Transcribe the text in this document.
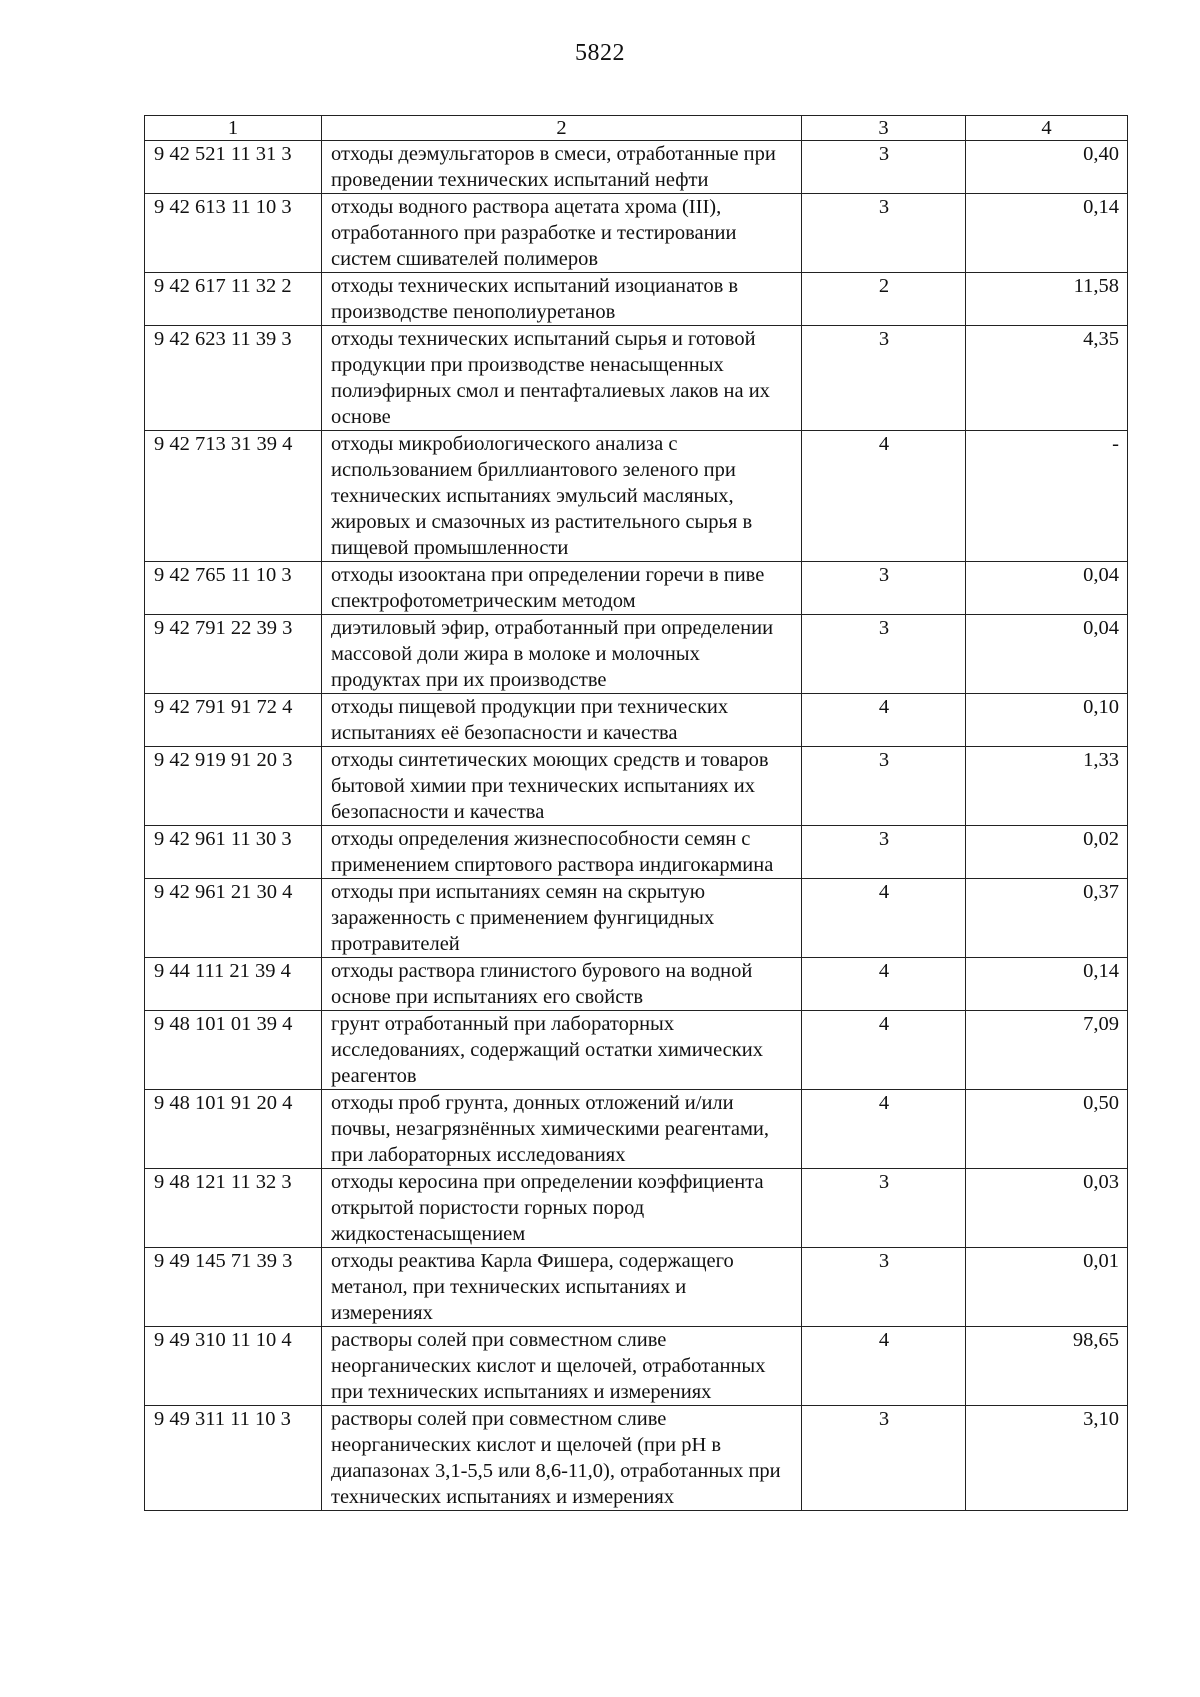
5822
1	2	3	4
9 42 521 11 31 3	отходы деэмульгаторов в смеси, отработанные при проведении технических испытаний нефти	3	0,40
9 42 613 11 10 3	отходы водного раствора ацетата хрома (III), отработанного при разработке и тестировании систем сшивателей полимеров	3	0,14
9 42 617 11 32 2	отходы технических испытаний изоцианатов в производстве пенополиуретанов	2	11,58
9 42 623 11 39 3	отходы технических испытаний сырья и готовой продукции при производстве ненасыщенных полиэфирных смол и пентафталиевых лаков на их основе	3	4,35
9 42 713 31 39 4	отходы микробиологического анализа с использованием бриллиантового зеленого при технических испытаниях эмульсий масляных, жировых и смазочных из растительного сырья в пищевой промышленности	4	-
9 42 765 11 10 3	отходы изооктана при определении горечи в пиве спектрофотометрическим методом	3	0,04
9 42 791 22 39 3	диэтиловый эфир, отработанный при определении массовой доли жира в молоке и молочных продуктах при их производстве	3	0,04
9 42 791 91 72 4	отходы пищевой продукции при технических испытаниях её безопасности и качества	4	0,10
9 42 919 91 20 3	отходы синтетических моющих средств и товаров бытовой химии при технических испытаниях их безопасности и качества	3	1,33
9 42 961 11 30 3	отходы определения жизнеспособности семян с применением спиртового раствора индигокармина	3	0,02
9 42 961 21 30 4	отходы при испытаниях семян на скрытую зараженность с применением фунгицидных протравителей	4	0,37
9 44 111 21 39 4	отходы раствора глинистого бурового на водной основе при испытаниях его свойств	4	0,14
9 48 101 01 39 4	грунт отработанный при лабораторных исследованиях, содержащий остатки химических реагентов	4	7,09
9 48 101 91 20 4	отходы проб грунта, донных отложений и/или почвы, незагрязнённых химическими реагентами, при лабораторных исследованиях	4	0,50
9 48 121 11 32 3	отходы керосина при определении коэффициента открытой пористости горных пород жидкостенасыщением	3	0,03
9 49 145 71 39 3	отходы реактива Карла Фишера, содержащего метанол, при технических испытаниях и измерениях	3	0,01
9 49 310 11 10 4	растворы солей при совместном сливе неорганических кислот и щелочей, отработанных при технических испытаниях и измерениях	4	98,65
9 49 311 11 10 3	растворы солей при совместном сливе неорганических кислот и щелочей (при pH в диапазонах 3,1-5,5 или 8,6-11,0), отработанных при технических испытаниях и измерениях	3	3,10
